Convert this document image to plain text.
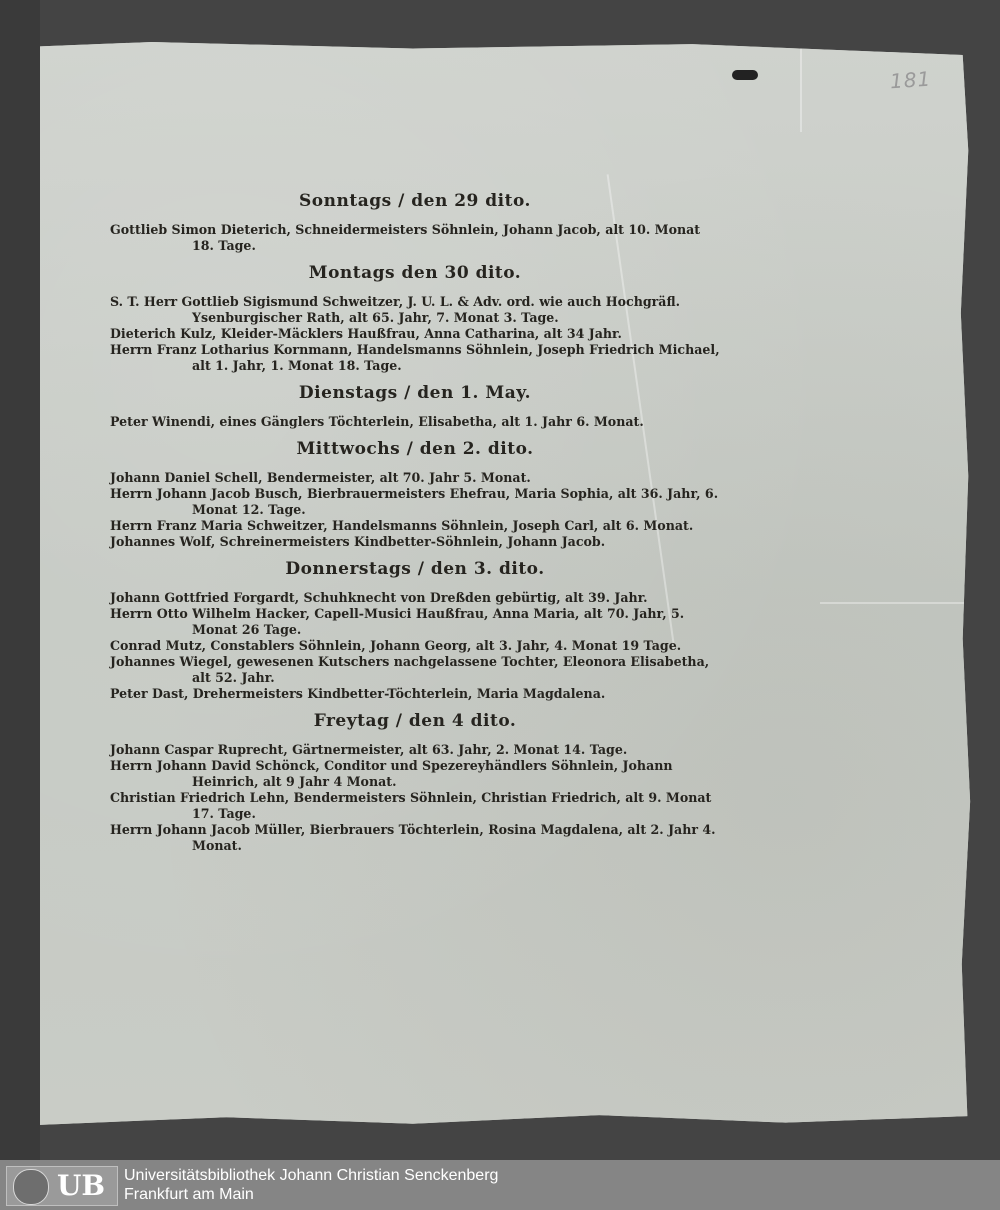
181
Sonntags / den 29 dito.
Gottlieb Simon Dieterich, Schneidermeisters Söhnlein, Johann Jacob, alt 10. Monat 18. Tage.
Montags den 30 dito.
S. T. Herr Gottlieb Sigismund Schweitzer, J. U. L. & Adv. ord. wie auch Hochgräfl. Ysenburgischer Rath, alt 65. Jahr, 7. Monat 3. Tage.
Dieterich Kulz, Kleider-Mäcklers Haußfrau, Anna Catharina, alt 34 Jahr.
Herrn Franz Lotharius Kornmann, Handelsmanns Söhnlein, Joseph Friedrich Michael, alt 1. Jahr, 1. Monat 18. Tage.
Dienstags / den 1. May.
Peter Winendi, eines Gänglers Töchterlein, Elisabetha, alt 1. Jahr 6. Monat.
Mittwochs / den 2. dito.
Johann Daniel Schell, Bendermeister, alt 70. Jahr 5. Monat.
Herrn Johann Jacob Busch, Bierbrauermeisters Ehefrau, Maria Sophia, alt 36. Jahr, 6. Monat 12. Tage.
Herrn Franz Maria Schweitzer, Handelsmanns Söhnlein, Joseph Carl, alt 6. Monat.
Johannes Wolf, Schreinermeisters Kindbetter-Söhnlein, Johann Jacob.
Donnerstags / den 3. dito.
Johann Gottfried Forgardt, Schuhknecht von Dreßden gebürtig, alt 39. Jahr.
Herrn Otto Wilhelm Hacker, Capell-Musici Haußfrau, Anna Maria, alt 70. Jahr, 5. Monat 26 Tage.
Conrad Mutz, Constablers Söhnlein, Johann Georg, alt 3. Jahr, 4. Monat 19 Tage.
Johannes Wiegel, gewesenen Kutschers nachgelassene Tochter, Eleonora Elisabetha, alt 52. Jahr.
Peter Dast, Drehermeisters Kindbetter-Töchterlein, Maria Magdalena.
Freytag / den 4 dito.
Johann Caspar Ruprecht, Gärtnermeister, alt 63. Jahr, 2. Monat 14. Tage.
Herrn Johann David Schönck, Conditor und Spezereyhändlers Söhnlein, Johann Heinrich, alt 9 Jahr 4 Monat.
Christian Friedrich Lehn, Bendermeisters Söhnlein, Christian Friedrich, alt 9. Monat 17. Tage.
Herrn Johann Jacob Müller, Bierbrauers Töchterlein, Rosina Magdalena, alt 2. Jahr 4. Monat.
UB Universitätsbibliothek Johann Christian Senckenberg
Frankfurt am Main
